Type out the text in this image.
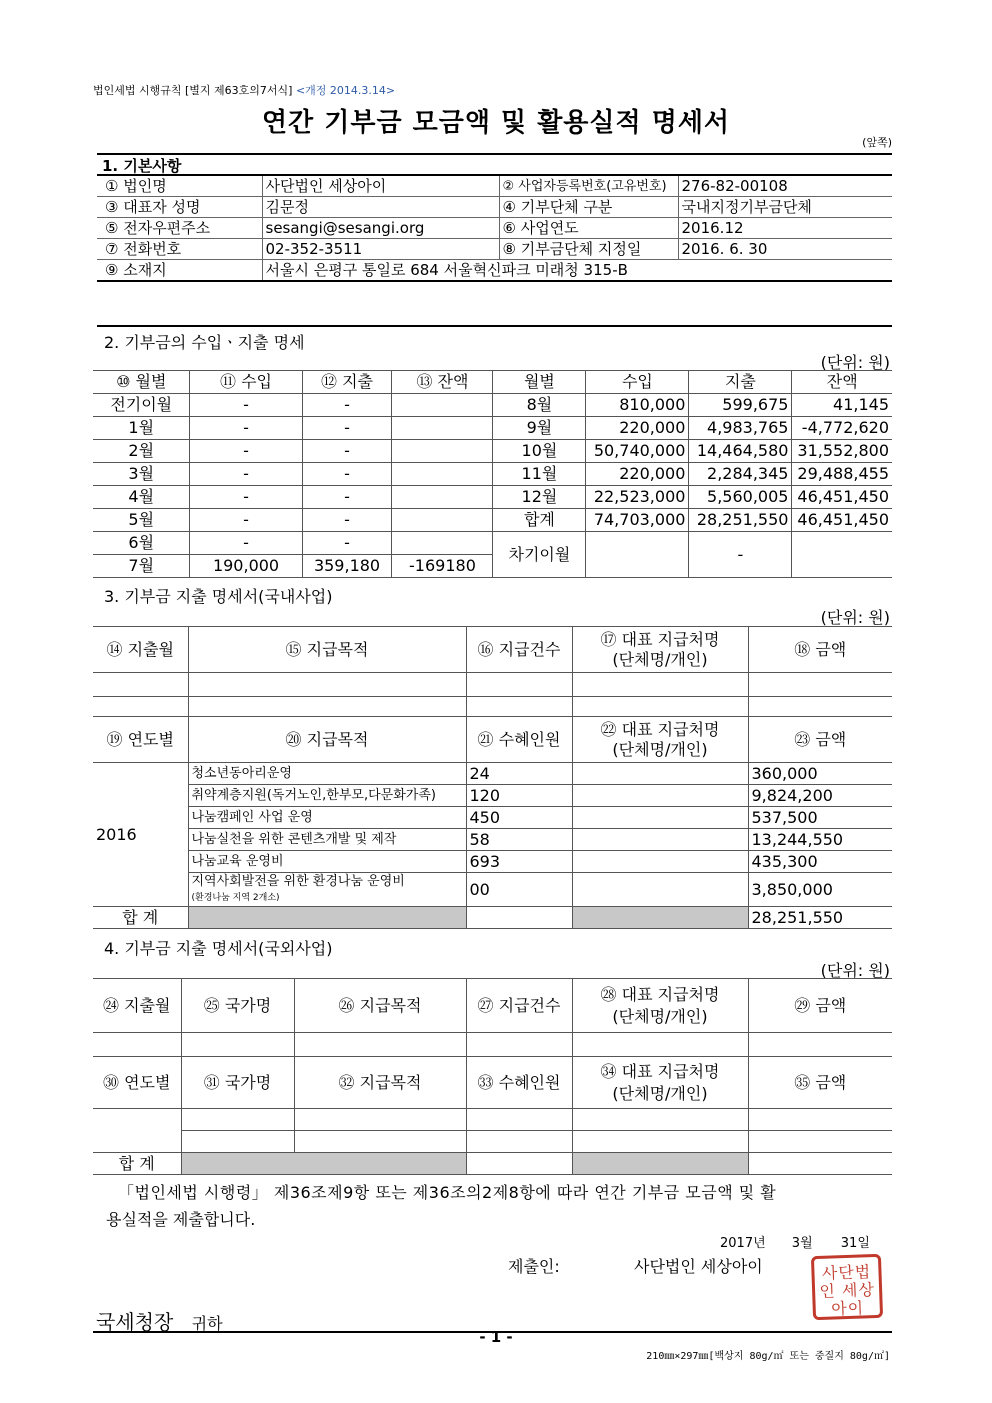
법인세법 시행규칙 [별지 제63호의7서식] <개정 2014.3.14>
연간 기부금 모금액 및 활용실적 명세서
(앞쪽)
1. 기본사항
① 법인명	사단법인 세상아이	② 사업자등록번호(고유번호)	276-82-00108
③ 대표자 성명	김문정	④ 기부단체 구분	국내지정기부금단체
⑤ 전자우편주소	sesangi@sesangi.org	⑥ 사업연도	2016.12
⑦ 전화번호	02-352-3511	⑧ 기부금단체 지정일	2016. 6. 30
⑨ 소재지	서울시 은평구 통일로 684 서울혁신파크 미래청 315-B		
2. 기부금의 수입ㆍ지출 명세
(단위: 원)
⑩ 월별	⑪ 수입	⑫ 지출	⑬ 잔액	월별	수입	지출	잔액
전기이월	-	-		8월	810,000	599,675	41,145
1월	-	-		9월	220,000	4,983,765	-4,772,620
2월	-	-		10월	50,740,000	14,464,580	31,552,800
3월	-	-		11월	220,000	2,284,345	29,488,455
4월	-	-		12월	22,523,000	5,560,005	46,451,450
5월	-	-		합계	74,703,000	28,251,550	46,451,450
6월	-	-		차기이월		-	
7월	190,000	359,180	-169180				
3. 기부금 지출 명세서(국내사업)
(단위: 원)
⑭ 지출월	⑮ 지급목적	⑯ 지급건수	⑰ 대표 지급처명
(단체명/개인)	⑱ 금액

⑲ 연도별	⑳ 지급목적	㉑ 수혜인원	㉒ 대표 지급처명
(단체명/개인)	㉓ 금액
2016	청소년동아리운영	24		360,000
	취약계층지원(독거노인,한부모,다문화가족)	120		9,824,200
	나눔캠페인 사업 운영	450		537,500
	나눔실천을 위한 콘텐츠개발 및 제작	58		13,244,550
	나눔교육 운영비	693		435,300
	지역사회발전을 위한 환경나눔 운영비
(환경나눔 지역 2개소)	00		3,850,000
합 계				28,251,550
4. 기부금 지출 명세서(국외사업)
(단위: 원)
㉔ 지출월	㉕ 국가명	㉖ 지급목적	㉗ 지급건수	㉘ 대표 지급처명
(단체명/개인)	㉙ 금액

㉚ 연도별	㉛ 국가명	㉜ 지급목적	㉝ 수혜인원	㉞ 대표 지급처명
(단체명/개인)	㉟ 금액

합 계					
「법인세법 시행령」 제36조제9항 또는 제36조의2제8항에 따라 연간 기부금 모금액 및 활
용실적을 제출합니다.
2017년 3월 31일
제출인:	사단법인 세상아이	사단법인 세상아이
국세청장 귀하
- 1 -
210㎜×297㎜[백상지 80g/㎡ 또는 중질지 80g/㎡]
